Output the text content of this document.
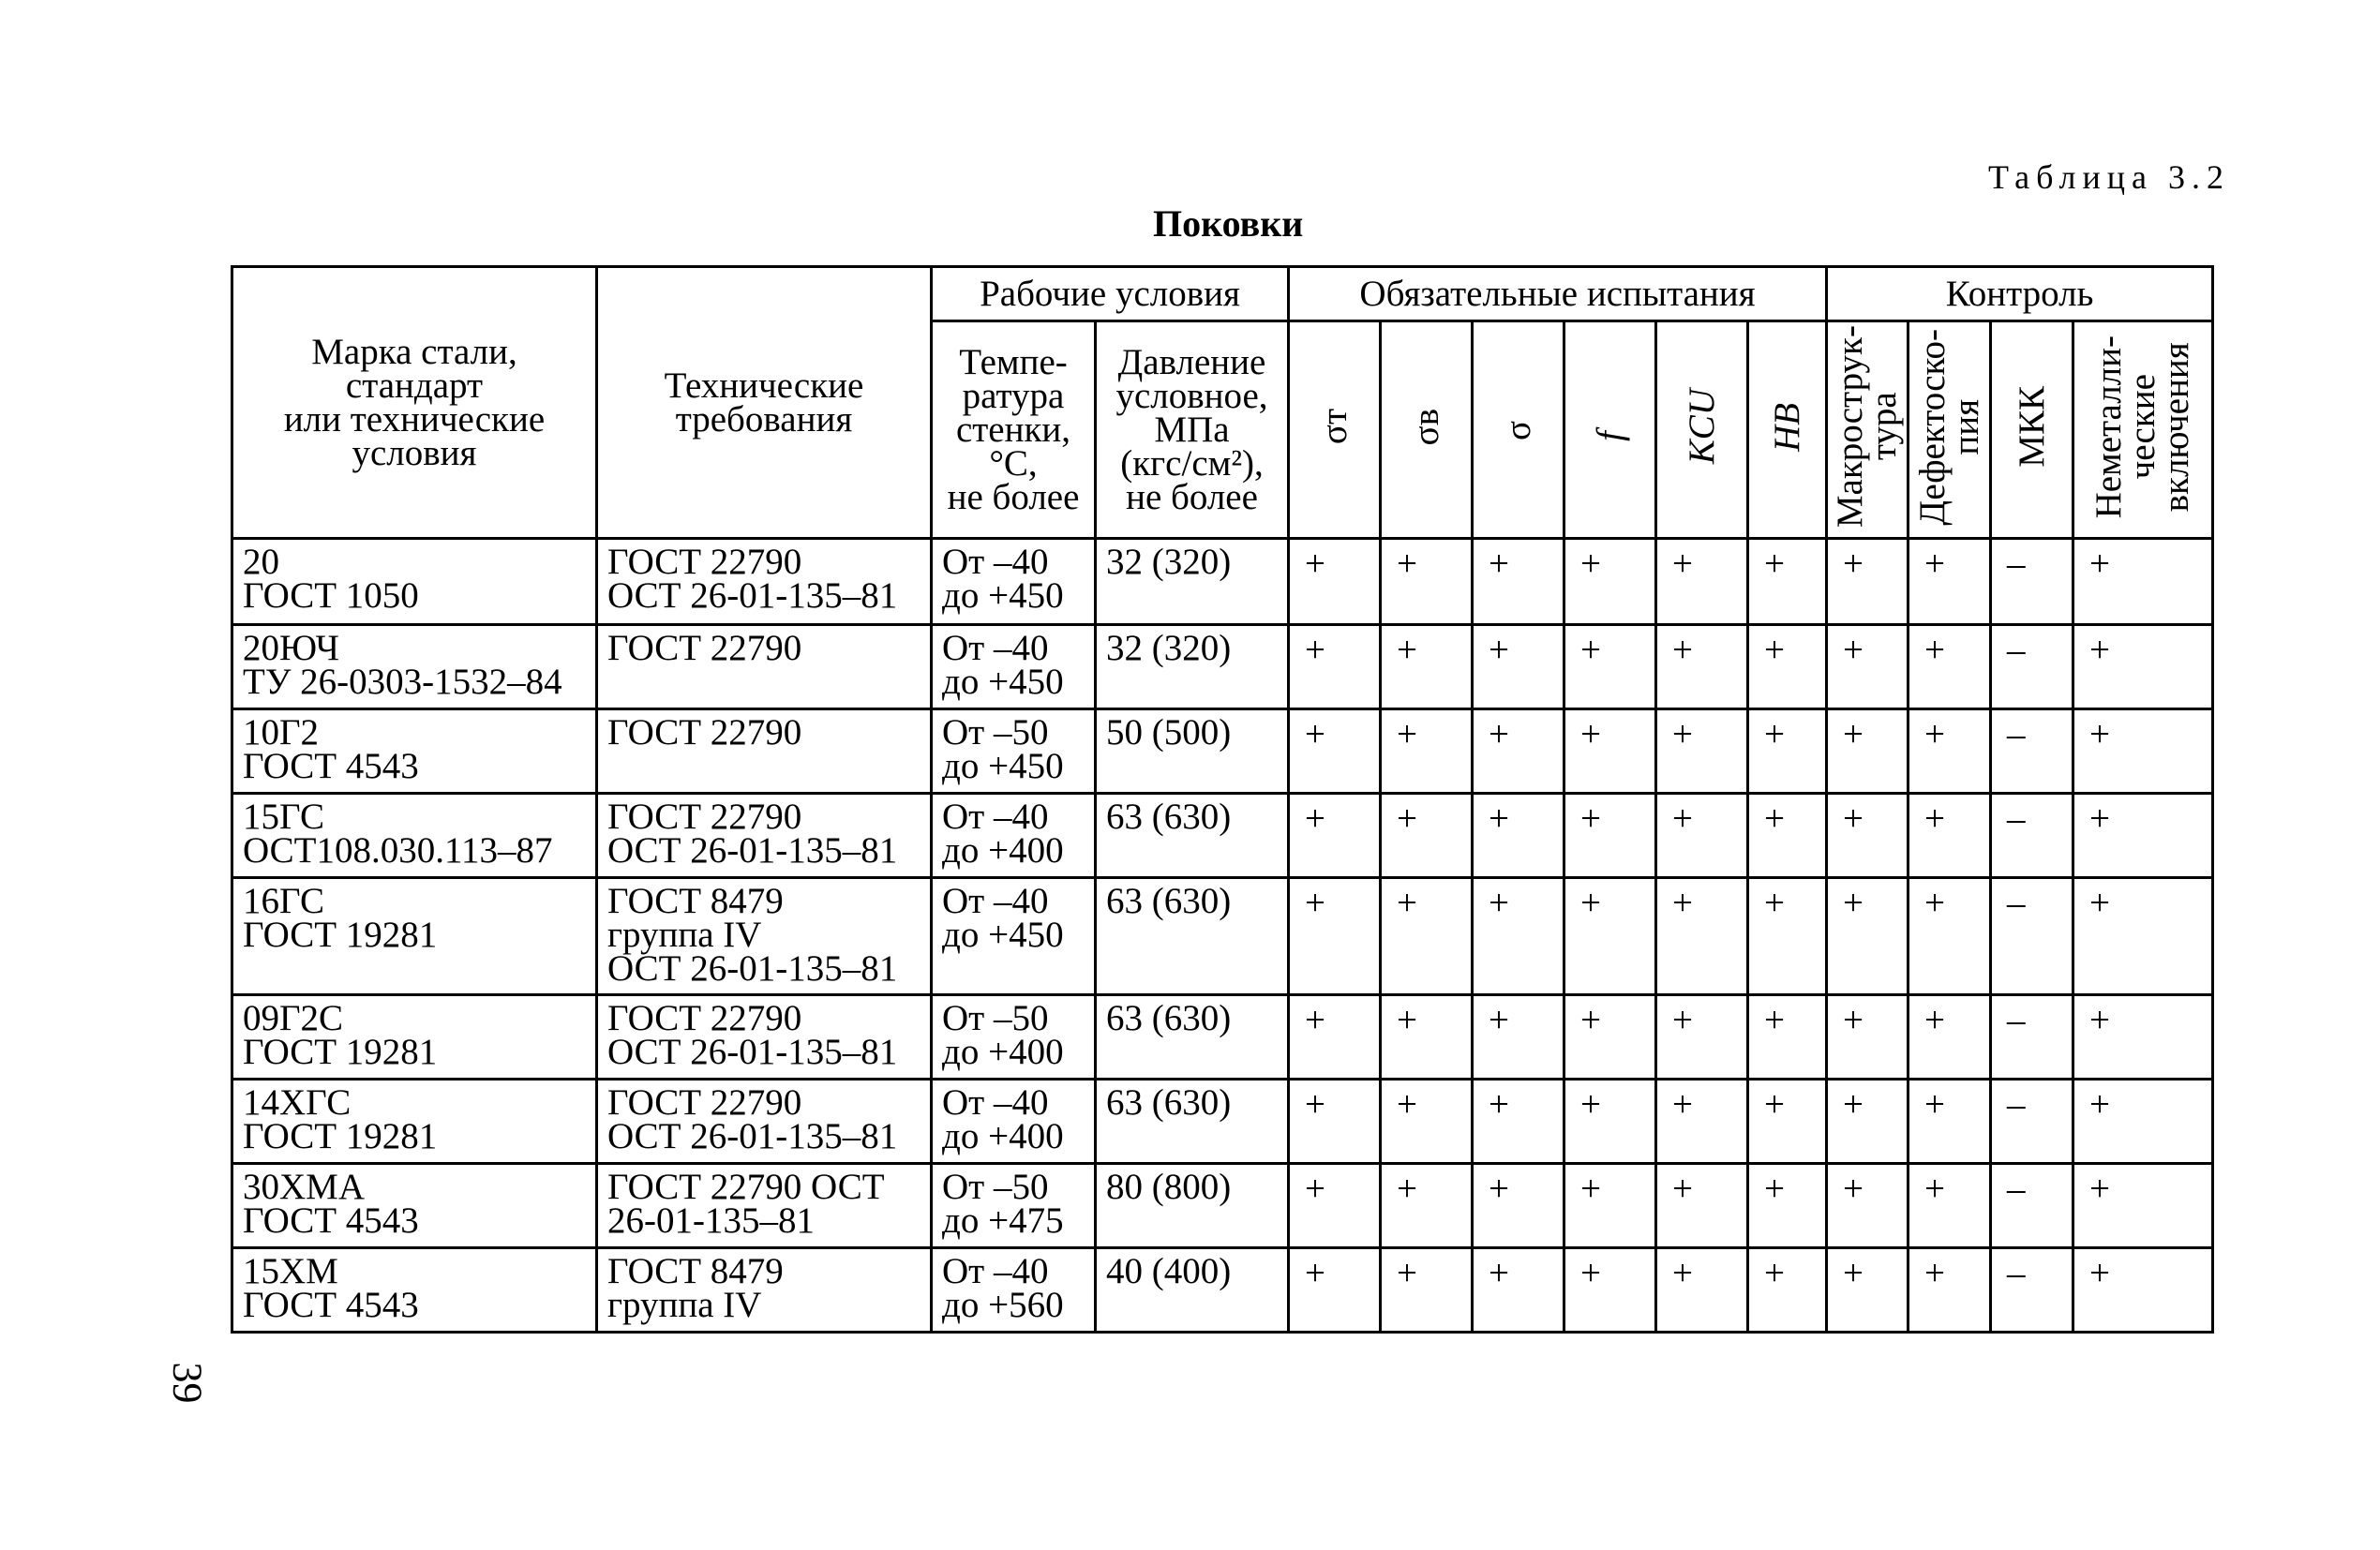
Таблица 3.2
Поковки
Марка стали,
стандарт
или технические
условия	Технические
требования	Рабочие условия		Обязательные испытания						Контроль			

		Темпе-
ратура
стенки,
°С,
не более	Давление
условное,
МПа
(кгс/см²),
не более	σт	σв	σ	f	KCU	HB	Макрострук-
тура	Дефектоско-
пия	МКК	Неметалли-
ческие
включения

20
ГОСТ 1050	ГОСТ 22790
ОСТ 26-01-135–81	От –40
до +450	32 (320)	+	+	+	+	+	+	+	+	–	+

20ЮЧ
ТУ 26-0303-1532–84	ГОСТ 22790	От –40
до +450	32 (320)	+	+	+	+	+	+	+	+	–	+

10Г2
ГОСТ 4543	ГОСТ 22790	От –50
до +450	50 (500)	+	+	+	+	+	+	+	+	–	+

15ГС
ОСТ108.030.113–87	ГОСТ 22790
ОСТ 26-01-135–81	От –40
до +400	63 (630)	+	+	+	+	+	+	+	+	–	+

16ГС
ГОСТ 19281	ГОСТ 8479
группа IV
ОСТ 26-01-135–81	От –40
до +450	63 (630)	+	+	+	+	+	+	+	+	–	+

09Г2С
ГОСТ 19281	ГОСТ 22790
ОСТ 26-01-135–81	От –50
до +400	63 (630)	+	+	+	+	+	+	+	+	–	+

14ХГС
ГОСТ 19281	ГОСТ 22790
ОСТ 26-01-135–81	От –40
до +400	63 (630)	+	+	+	+	+	+	+	+	–	+

30ХМА
ГОСТ 4543	ГОСТ 22790 ОСТ
26-01-135–81	От –50
до +475	80 (800)	+	+	+	+	+	+	+	+	–	+

15ХМ
ГОСТ 4543	ГОСТ 8479
группа IV	От –40
до +560	40 (400)	+	+	+	+	+	+	+	+	–	+
39
